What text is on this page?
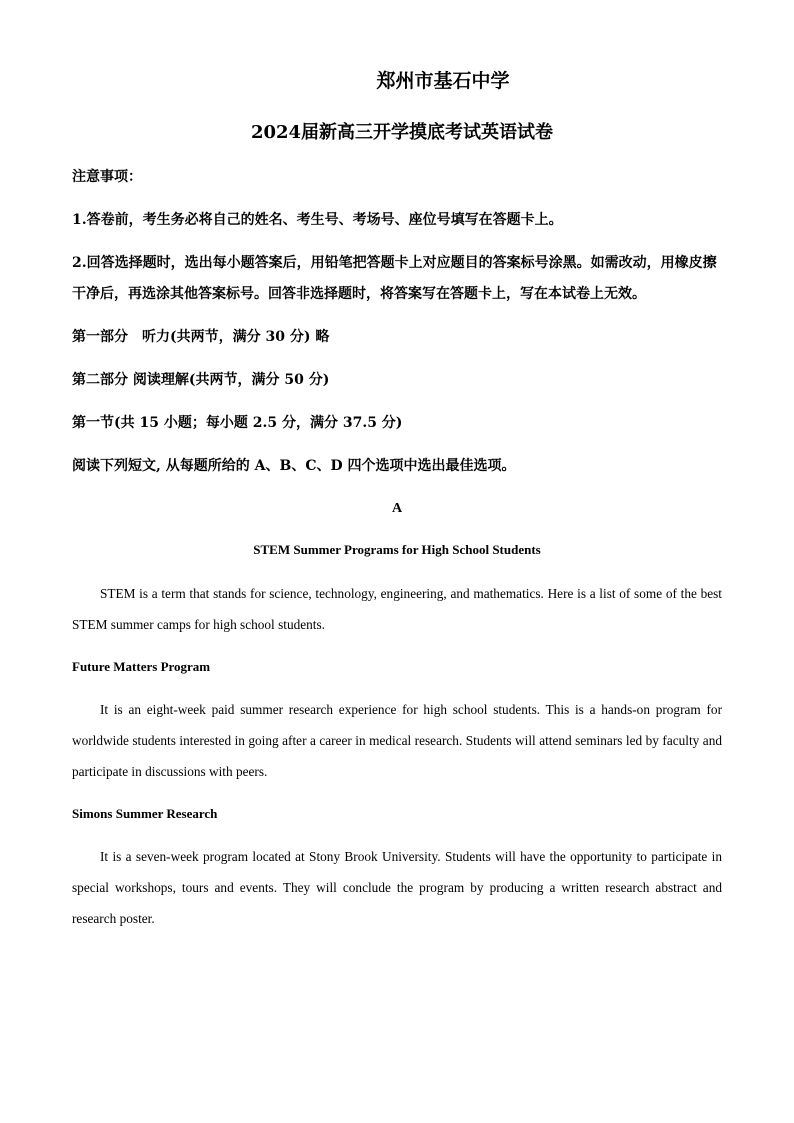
郑州市基石中学
2024届新高三开学摸底考试英语试卷
注意事项：
1.答卷前，考生务必将自己的姓名、考生号、考场号、座位号填写在答题卡上。
2.回答选择题时，选出每小题答案后，用铅笔把答题卡上对应题目的答案标号涂黑。如需改动，用橡皮擦干净后，再选涂其他答案标号。回答非选择题时，将答案写在答题卡上，写在本试卷上无效。
第一部分　听力(共两节，满分 30 分) 略
第二部分 阅读理解(共两节，满分 50 分)
第一节(共 15 小题；每小题 2.5 分，满分 37.5 分)
阅读下列短文, 从每题所给的 A、B、C、D 四个选项中选出最佳选项。
A
STEM Summer Programs for High School Students

STEM is a term that stands for science, technology, engineering, and mathematics. Here is a list of some of the best STEM summer camps for high school students.

Future Matters Program

It is an eight-week paid summer research experience for high school students. This is a hands-on program for worldwide students interested in going after a career in medical research. Students will attend seminars led by faculty and participate in discussions with peers.

Simons Summer Research

It is a seven-week program located at Stony Brook University. Students will have the opportunity to participate in special workshops, tours and events. They will conclude the program by producing a written research abstract and research poster.
